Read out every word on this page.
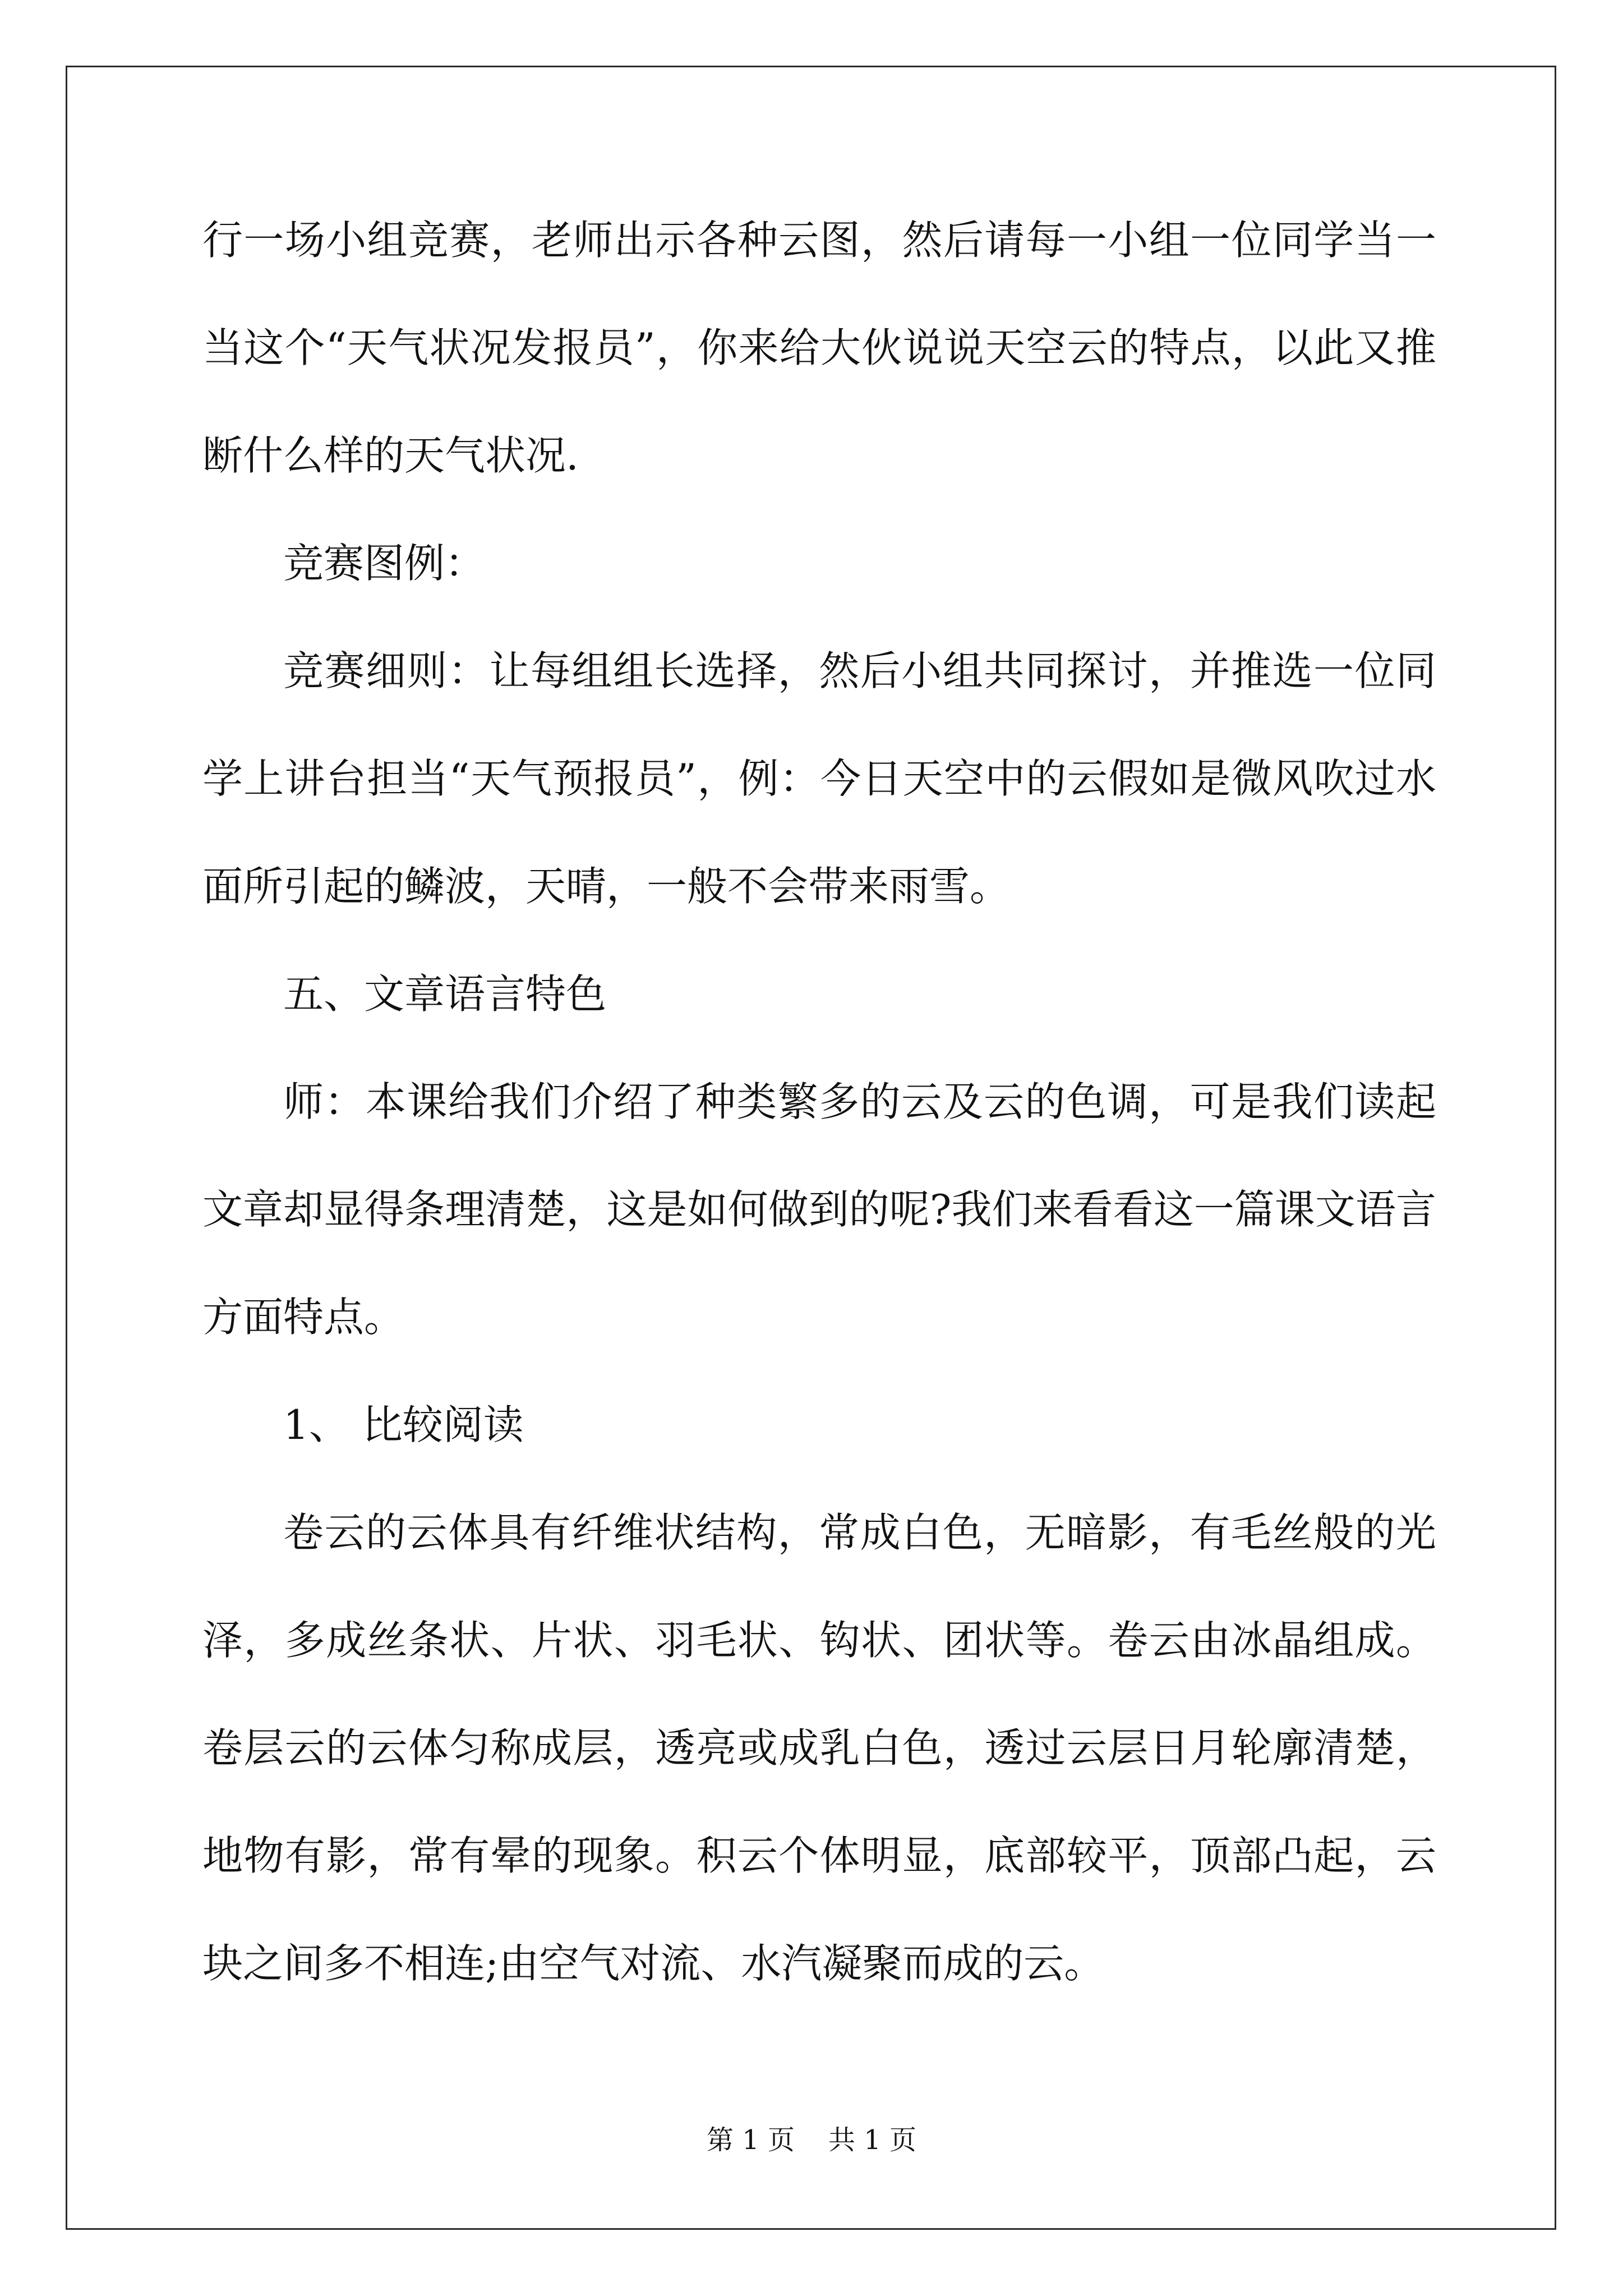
行一场小组竞赛，老师出示各种云图，然后请每一小组一位同学当一
当这个“天气状况发报员”，你来给大伙说说天空云的特点，以此又推
断什么样的天气状况.
竞赛图例：
竞赛细则：让每组组长选择，然后小组共同探讨，并推选一位同
学上讲台担当“天气预报员”，例：今日天空中的云假如是微风吹过水
面所引起的鳞波，天晴，一般不会带来雨雪。
五、文章语言特色
师：本课给我们介绍了种类繁多的云及云的色调，可是我们读起
文章却显得条理清楚，这是如何做到的呢?我们来看看这一篇课文语言
方面特点。
1、 比较阅读
卷云的云体具有纤维状结构，常成白色，无暗影，有毛丝般的光
泽，多成丝条状、片状、羽毛状、钩状、团状等。卷云由冰晶组成。
卷层云的云体匀称成层，透亮或成乳白色，透过云层日月轮廓清楚，
地物有影，常有晕的现象。积云个体明显，底部较平，顶部凸起，云
块之间多不相连;由空气对流、水汽凝聚而成的云。
第 1 页 共 1 页
